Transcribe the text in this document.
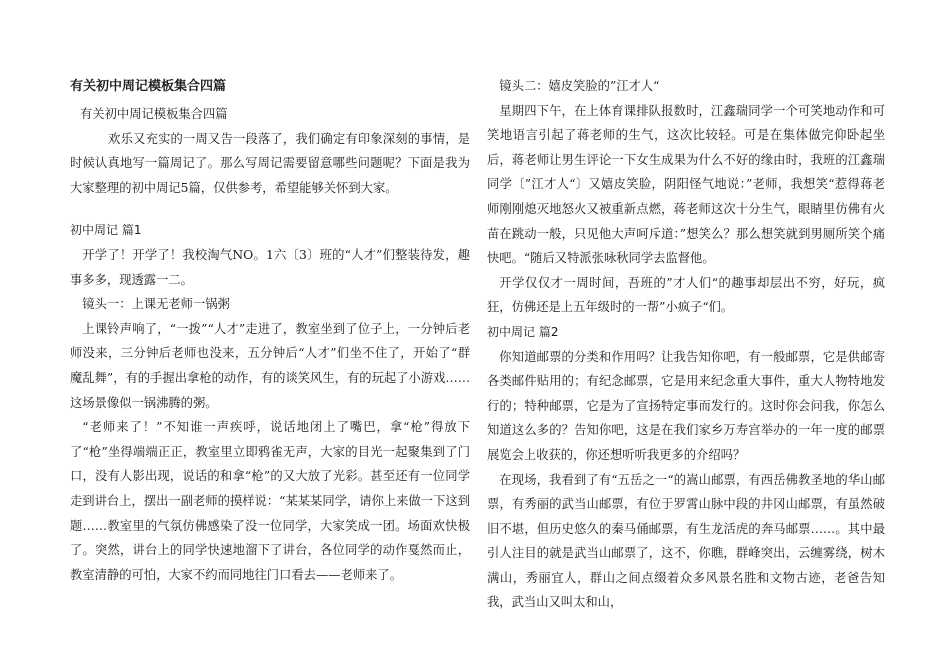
有关初中周记模板集合四篇

有关初中周记模板集合四篇

欢乐又充实的一周又告一段落了，我们确定有印象深刻的事情，是时候认真地写一篇周记了。那么写周记需要留意哪些问题呢？下面是我为大家整理的初中周记5篇，仅供参考，希望能够关怀到大家。

初中周记 篇1

开学了！开学了！我校淘气NO。1六〔3〕班的“人才”们整装待发，趣事多多，现透露一二。

镜头一：上课无老师一锅粥

上课铃声响了，“一拨”“人才”走进了，教室坐到了位子上，一分钟后老师没来，三分钟后老师也没来，五分钟后“人才”们坐不住了，开始了“群魔乱舞”，有的手握出拿枪的动作，有的谈笑风生，有的玩起了小游戏……这场景像似一锅沸腾的粥。

“老师来了！”不知谁一声疾呼，说话地闭上了嘴巴，拿“枪”得放下了“枪”坐得端端正正，教室里立即鸦雀无声，大家的目光一起聚集到了门口，没有人影出现，说话的和拿“枪”的又大放了光彩。甚至还有一位同学走到讲台上，摆出一副老师的摸样说：“某某某同学，请你上来做一下这到题……教室里的气氛仿佛感染了没一位同学，大家笑成一团。场面欢快极了。突然，讲台上的同学快速地溜下了讲台，各位同学的动作戛然而止，教室清静的可怕，大家不约而同地往门口看去——老师来了。

镜头二：嬉皮笑脸的”江才人“

星期四下午，在上体育课排队报数时，江鑫瑞同学一个可笑地动作和可笑地语言引起了蒋老师的生气，这次比较轻。可是在集体做完仰卧起坐后，蒋老师让男生评论一下女生成果为什么不好的缘由时，我班的江鑫瑞同学〔”江才人“〕又嬉皮笑脸，阴阳怪气地说：”老师，我想笑“惹得蒋老师刚刚熄灭地怒火又被重新点燃，蒋老师这次十分生气，眼睛里仿佛有火苗在跳动一般，只见他大声呵斥道：”想笑么？那么想笑就到男厕所笑个痛快吧。“随后又特派张咏秋同学去监督他。

开学仅仅才一周时间，吾班的”才人们“的趣事却层出不穷，好玩，疯狂，仿佛还是上五年级时的一帮”小疯子“们。

初中周记 篇2

你知道邮票的分类和作用吗？让我告知你吧，有一般邮票，它是供邮寄各类邮件贴用的；有纪念邮票，它是用来纪念重大事件，重大人物特地发行的；特种邮票，它是为了宣扬特定事而发行的。这时你会问我，你怎么知道这么多的？告知你吧，这是在我们家乡万寿宫举办的一年一度的邮票展览会上收获的，你还想听听我更多的介绍吗？

在现场，我看到了有“五岳之一“的嵩山邮票，有西岳佛教圣地的华山邮票，有秀丽的武当山邮票，有位于罗霄山脉中段的井冈山邮票，有虽然破旧不堪，但历史悠久的秦马俑邮票，有生龙活虎的奔马邮票……。其中最引人注目的就是武当山邮票了，这不，你瞧，群峰突出，云缠雾绕，树木满山，秀丽宜人，群山之间点缀着众多风景名胜和文物古迹，老爸告知我，武当山又叫太和山，
